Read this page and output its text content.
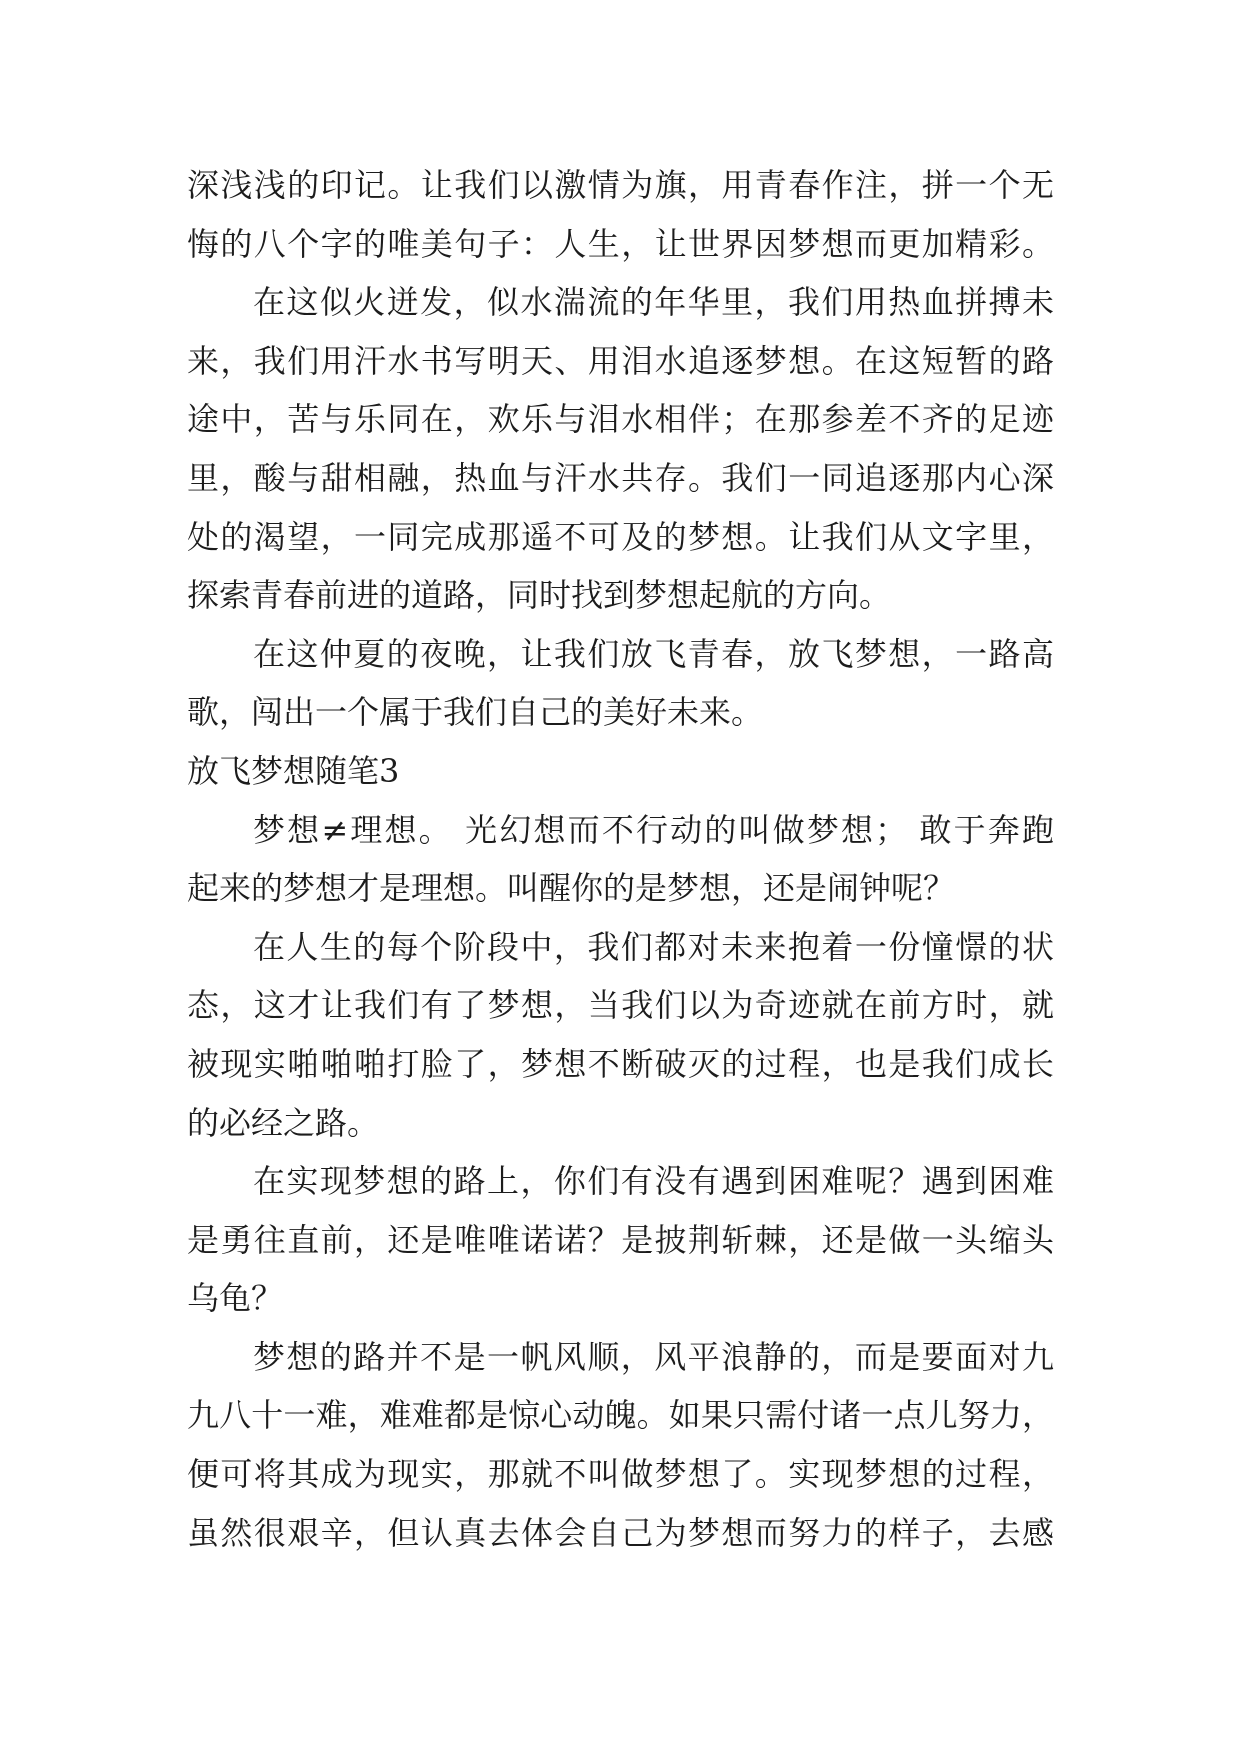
深浅浅的印记。让我们以激情为旗，用青春作注，拼一个无
悔的八个字的唯美句子：人生，让世界因梦想而更加精彩。
在这似火迸发，似水湍流的年华里，我们用热血拼搏未
来，我们用汗水书写明天、用泪水追逐梦想。在这短暂的路
途中，苦与乐同在，欢乐与泪水相伴；在那参差不齐的足迹
里，酸与甜相融，热血与汗水共存。我们一同追逐那内心深
处的渴望，一同完成那遥不可及的梦想。让我们从文字里，
探索青春前进的道路，同时找到梦想起航的方向。
在这仲夏的夜晚，让我们放飞青春，放飞梦想，一路高
歌，闯出一个属于我们自己的美好未来。
放飞梦想随笔3
梦想≠理想。 光幻想而不行动的叫做梦想； 敢于奔跑
起来的梦想才是理想。叫醒你的是梦想，还是闹钟呢？
在人生的每个阶段中，我们都对未来抱着一份憧憬的状
态，这才让我们有了梦想，当我们以为奇迹就在前方时，就
被现实啪啪啪打脸了，梦想不断破灭的过程，也是我们成长
的必经之路。
在实现梦想的路上，你们有没有遇到困难呢？遇到困难
是勇往直前，还是唯唯诺诺？是披荆斩棘，还是做一头缩头
乌龟？
梦想的路并不是一帆风顺，风平浪静的，而是要面对九
九八十一难，难难都是惊心动魄。如果只需付诸一点儿努力，
便可将其成为现实，那就不叫做梦想了。实现梦想的过程，
虽然很艰辛，但认真去体会自己为梦想而努力的样子，去感
